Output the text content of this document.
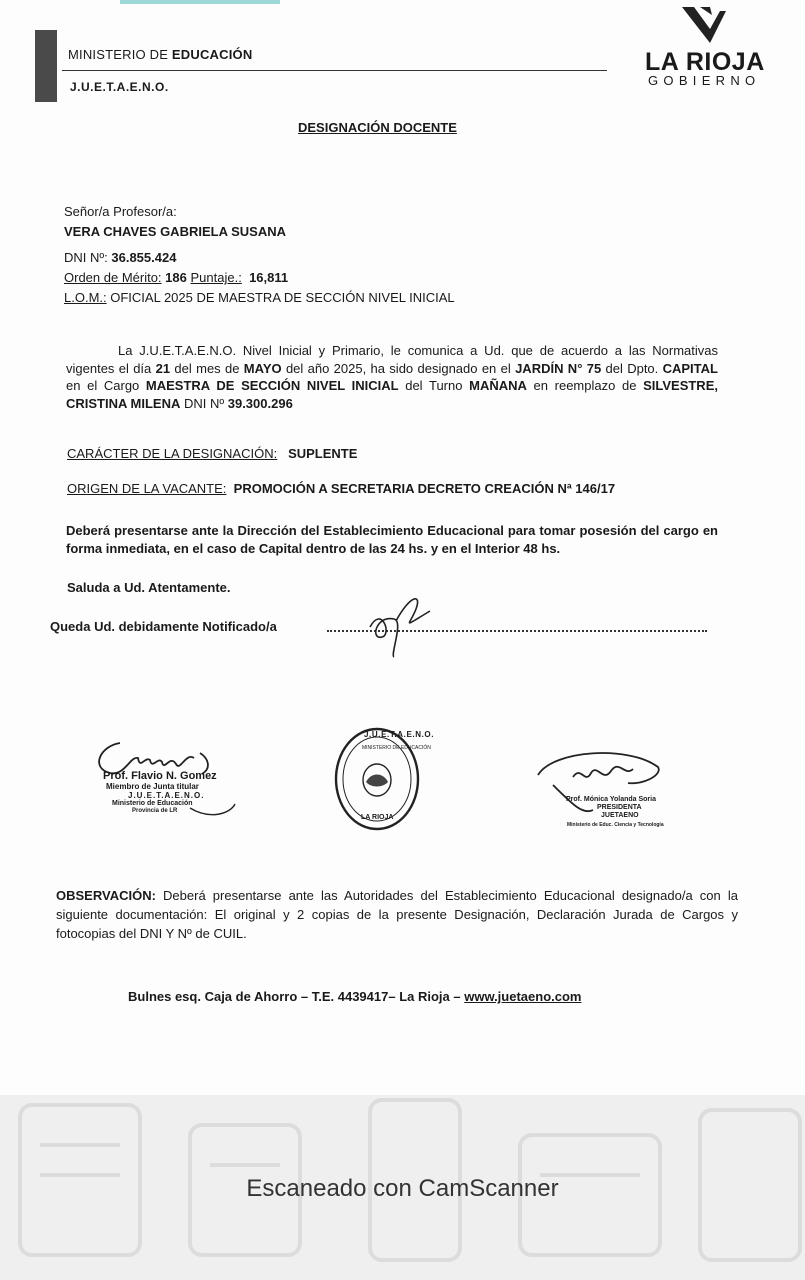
MINISTERIO DE EDUCACIÓN
J.U.E.T.A.E.N.O.
LA RIOJA
GOBIERNO
DESIGNACIÓN DOCENTE
Señor/a Profesor/a:
VERA CHAVES GABRIELA SUSANA
DNI Nº: 36.855.424
Orden de Mérito: 186 Puntaje.: 16,811
L.O.M.: OFICIAL 2025 DE MAESTRA DE SECCIÓN NIVEL INICIAL
La J.U.E.T.A.E.N.O. Nivel Inicial y Primario, le comunica a Ud. que de acuerdo a las Normativas vigentes el día 21 del mes de MAYO del año 2025, ha sido designado en el JARDÍN N° 75 del Dpto. CAPITAL en el Cargo MAESTRA DE SECCIÓN NIVEL INICIAL del Turno MAÑANA en reemplazo de SILVESTRE, CRISTINA MILENA DNI Nº 39.300.296
CARÁCTER DE LA DESIGNACIÓN: SUPLENTE
ORIGEN DE LA VACANTE: PROMOCIÓN A SECRETARIA DECRETO CREACIÓN Nª 146/17
Deberá presentarse ante la Dirección del Establecimiento Educacional para tomar posesión del cargo en forma inmediata, en el caso de Capital dentro de las 24 hs. y en el Interior 48 hs.
Saluda a Ud. Atentamente.
Queda Ud. debidamente Notificado/a
Prof. Flavio N. Gomez
Miembro de Junta titular
J.U.E.T.A.E.N.O.
Ministerio de Educación
Provincia de LR
J.U.E.T.A.E.N.O.
MINISTERIO DE EDUCACIÓN
LA RIOJA
Prof. Mónica Yolanda Soria
PRESIDENTA
JUETAENO
Ministerio de Educ. Ciencia y Tecnología
OBSERVACIÓN: Deberá presentarse ante las Autoridades del Establecimiento Educacional designado/a con la siguiente documentación: El original y 2 copias de la presente Designación, Declaración Jurada de Cargos y fotocopias del DNI Y Nº de CUIL.
Bulnes esq. Caja de Ahorro – T.E. 4439417– La Rioja – www.juetaeno.com
Escaneado con CamScanner
